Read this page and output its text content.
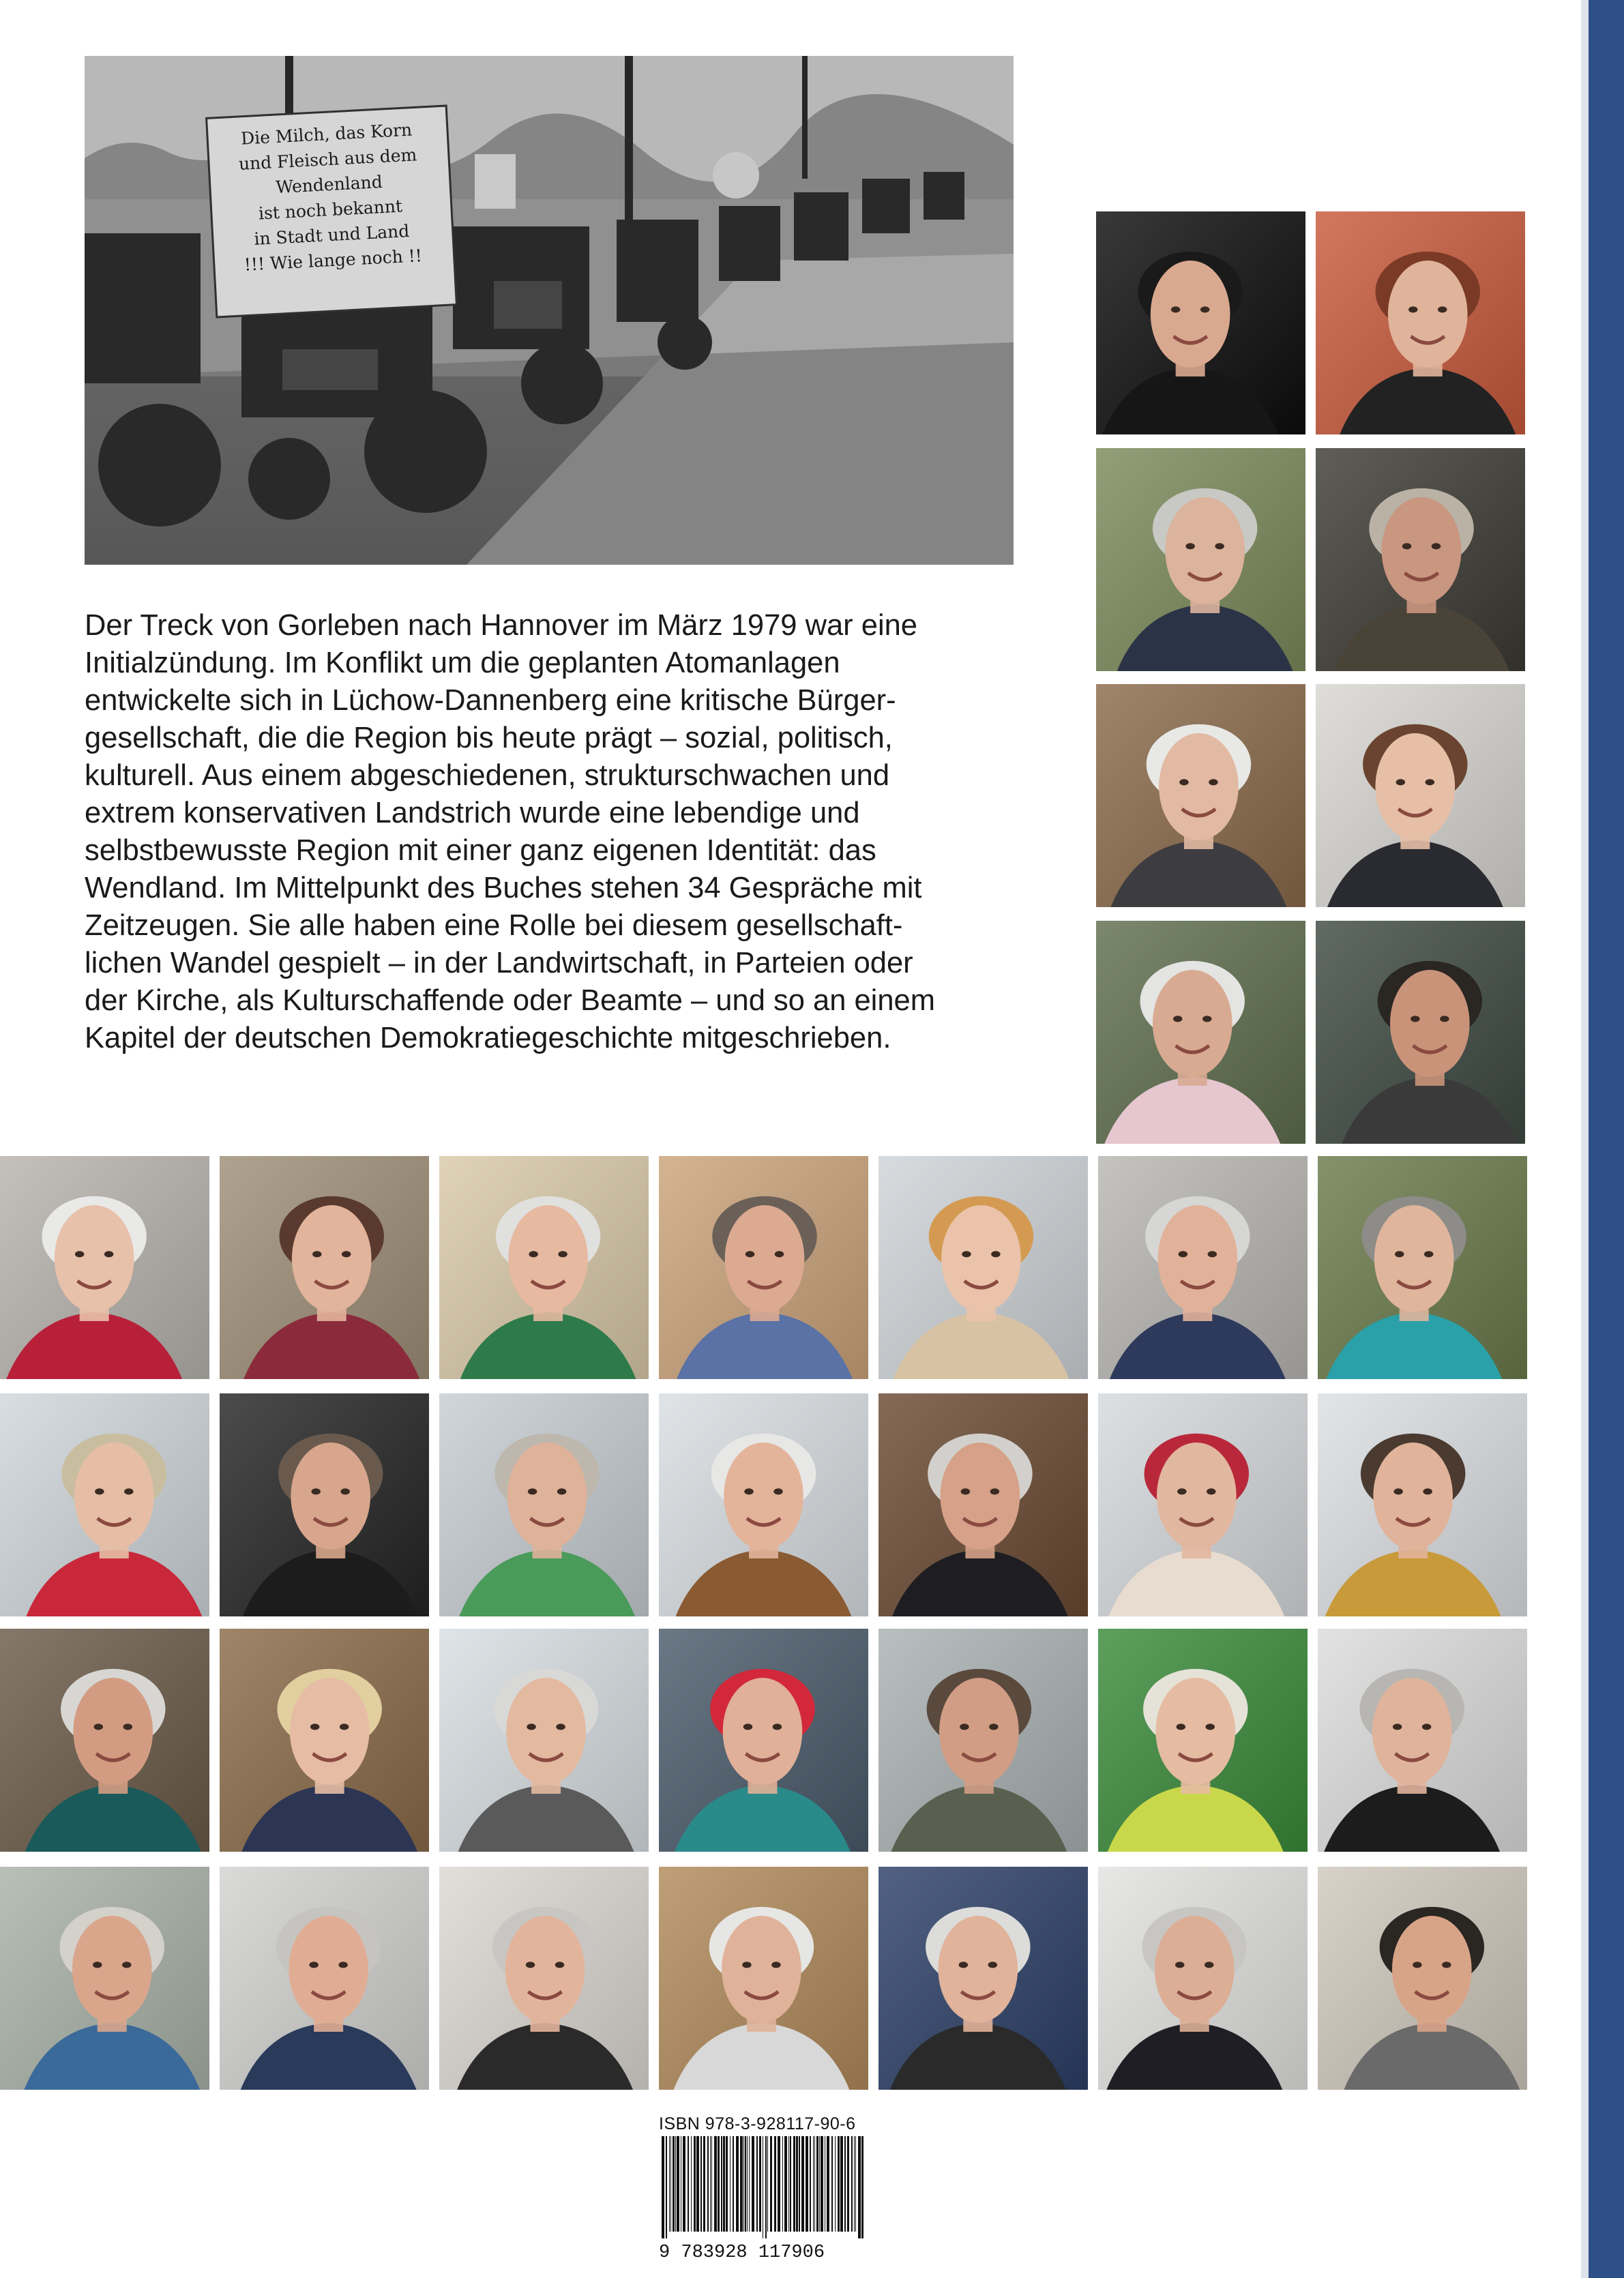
Die Milch, das Korn
und Fleisch aus dem
Wendenland
ist noch bekannt
in Stadt und Land
!!! Wie lange noch !!

Der Treck von Gorleben nach Hannover im März 1979 war eine
Initialzündung. Im Konflikt um die geplanten Atomanlagen
entwickelte sich in Lüchow-Dannenberg eine kritische Bürger-
gesellschaft, die die Region bis heute prägt – sozial, politisch,
kulturell. Aus einem abgeschiedenen, strukturschwachen und
extrem konservativen Landstrich wurde eine lebendige und
selbstbewusste Region mit einer ganz eigenen Identität: das
Wendland. Im Mittelpunkt des Buches stehen 34 Gespräche mit
Zeitzeugen. Sie alle haben eine Rolle bei diesem gesellschaft-
lichen Wandel gespielt – in der Landwirtschaft, in Parteien oder
der Kirche, als Kulturschaffende oder Beamte – und so an einem
Kapitel der deutschen Demokratiegeschichte mitgeschrieben.

ISBN 978-3-928117-90-6
9 783928 117906
